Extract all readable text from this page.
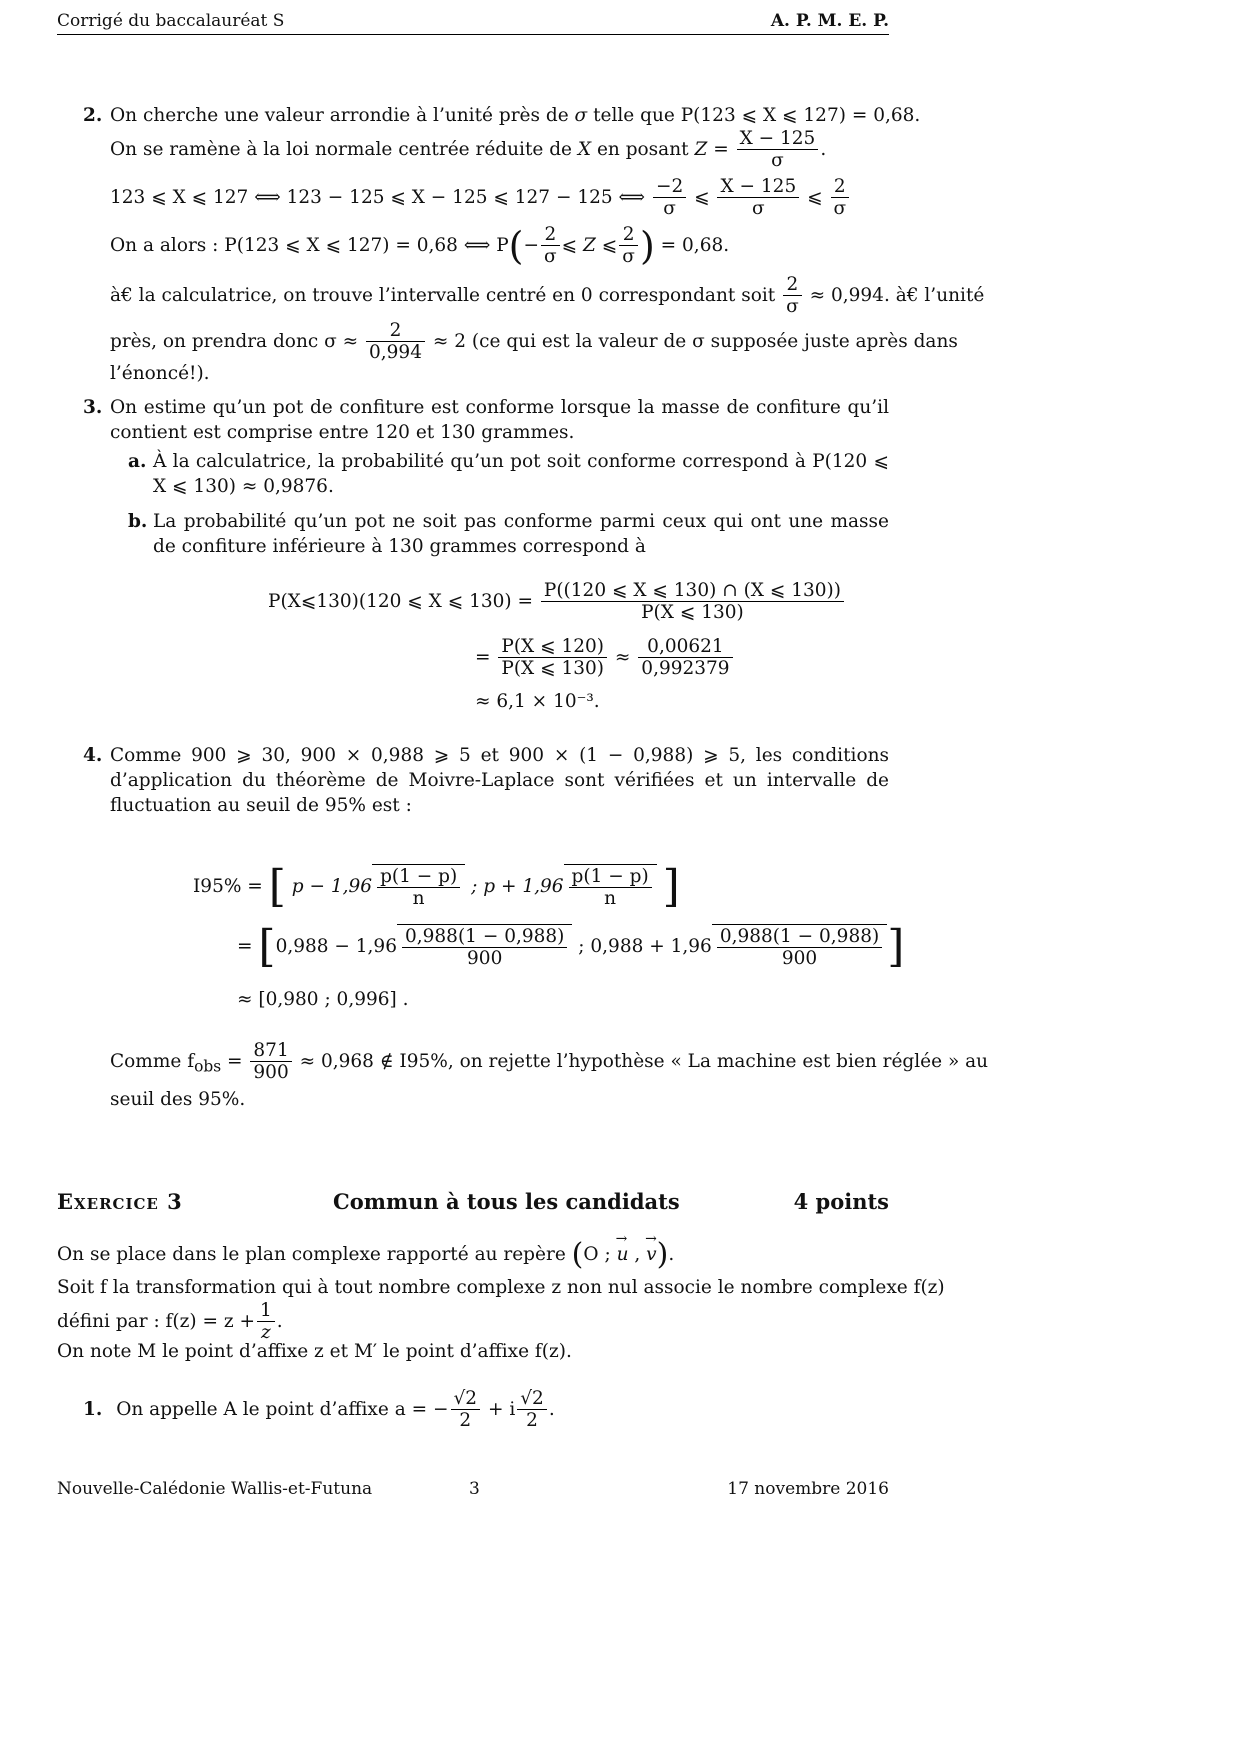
Corrigé du baccalauréat S	A. P. M. E. P.
2. On cherche une valeur arrondie à l’unité près de σ telle que P(123 ⩽ X ⩽ 127) = 0,68.
On se ramène à la loi normale centrée réduite de X en posant $Z = \frac{X - 125}{\sigma}$ .
123 ⩽ X ⩽ 127 ⟺ 123 − 125 ⩽ X − 125 ⩽ 127 − 125 ⟺ $\frac{-2}{\sigma}$ ⩽ $\frac{X - 125}{\sigma}$ ⩽ $\frac{2}{\sigma}$
On a alors : P(123 ⩽ X ⩽ 127) = 0,68 ⟺ $P(- \frac{2}{\sigma}$ ⩽ Z ⩽ $\frac{2}{\sigma}$ ) = 0,68.
à€ la calculatrice, on trouve l’intervalle centré en 0 correspondant soit $\frac{2}{\sigma} \approx 0,994$. à€ l’unité
près, on prendra donc $\sigma \approx \frac{2}{0,994} \approx 2$ (ce qui est la valeur de σ supposée juste après dans
l’énoncé!).
3. On estime qu’un pot de confiture est conforme lorsque la masse de confiture qu’il contient est comprise entre 120 et 130 grammes.
a. À la calculatrice, la probabilité qu’un pot soit conforme correspond à P(120 ⩽ X ⩽ 130) ≈ 0,9876.
b. La probabilité qu’un pot ne soit pas conforme parmi ceux qui ont une masse de confiture inférieure à 130 grammes correspond à
P(X⩽130)(120 ⩽ X ⩽ $130) = \frac{P((120 ⩽ X ⩽ 130) \cap (X ⩽ 130))}{P(X ⩽ 130)}$
= $\frac{P(X ⩽ 120)}{P(X ⩽ 130)} \approx \frac{0,00621}{0,992379}$
≈ 6,1 × 10⁻³.
4. Comme 900 ⩾ 30, 900 × 0,988 ⩾ 5 et 900 × (1 − 0,988) ⩾ 5, les conditions d’application du théorème de Moivre-Laplace sont vérifiées et un intervalle de fluctuation au seuil de 95% est :
I95% = [ $p - 1,96 \frac{p(1 - p)}{n}$ ; $p + 1,96 \frac{p(1 - p)}{n}$ ]
= [$0,988 - 1,96 \frac{0,988(1 - 0,988)}{900}$ ; $0,988 + 1,96 \frac{0,988(1 - 0,988)}{900}$ ]
≈ [0,980 ; 0,996] .
Comme $f_{obs} = \frac{871}{900} \approx 0,968$ ∉ I95%, on rejette l’hypothèse « La machine est bien réglée » au
seuil des 95%.
Exercice 3	Commun à tous les candidats	4 points
On se place dans le plan complexe rapporté au repère (O ; → u , → v).
Soit f la transformation qui à tout nombre complexe z non nul associe le nombre complexe f(z)
défini par : $f(z) = z + \frac{1}{z}$ .
On note M le point d’affixe z et M′ le point d’affixe f(z).
1. On appelle A le point d’affixe a = − $\frac{√2}{2} + i \frac{√2}{2}$ .
Nouvelle-Calédonie Wallis-et-Futuna	3	17 novembre 2016
